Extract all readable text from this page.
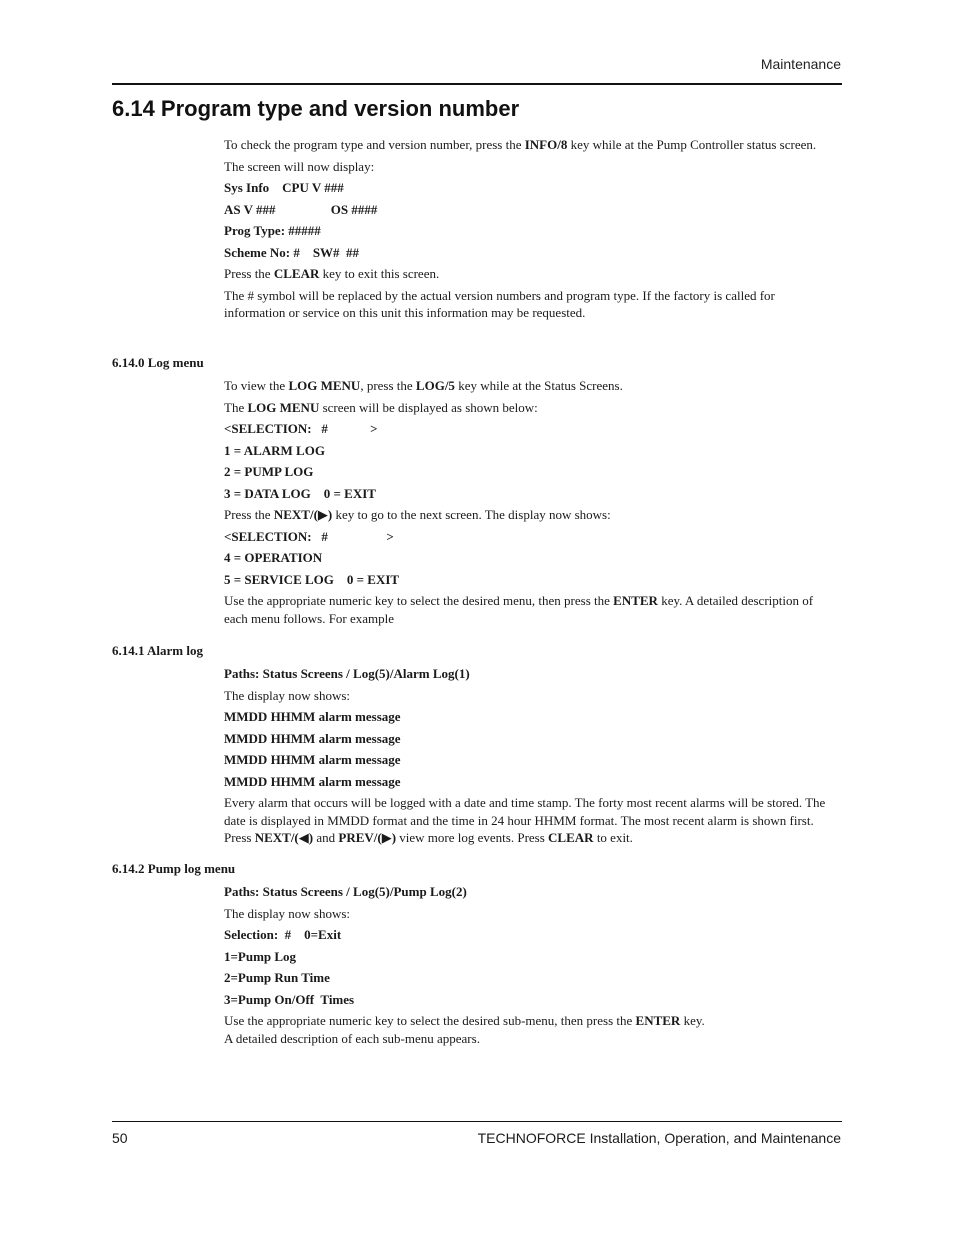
Maintenance
6.14 Program type and version number

To check the program type and version number, press the INFO/8 key while at the Pump Controller status screen.

The screen will now display:

Sys Info    CPU V ###

AS V ###                 OS ####

Prog Type: #####

Scheme No: #    SW#  ##

Press the CLEAR key to exit this screen.

The # symbol will be replaced by the actual version numbers and program type. If the factory is called for information or service on this unit this information may be requested.

6.14.0 Log menu

To view the LOG MENU, press the LOG/5 key while at the Status Screens.

The LOG MENU screen will be displayed as shown below:

<SELECTION:   #             >

1 = ALARM LOG

2 = PUMP LOG

3 = DATA LOG    0 = EXIT

Press the NEXT/(▶) key to go to the next screen. The display now shows:

<SELECTION:   #                  >

4 = OPERATION

5 = SERVICE LOG    0 = EXIT

Use the appropriate numeric key to select the desired menu, then press the ENTER key. A detailed description of each menu follows. For example

6.14.1 Alarm log

Paths: Status Screens / Log(5)/Alarm Log(1)

The display now shows:

MMDD HHMM alarm message

MMDD HHMM alarm message

MMDD HHMM alarm message

MMDD HHMM alarm message

Every alarm that occurs will be logged with a date and time stamp. The forty most recent alarms will be stored. The date is displayed in MMDD format and the time in 24 hour HHMM format. The most recent alarm is shown first. Press NEXT/(◀) and PREV/(▶) view more log events. Press CLEAR to exit.

6.14.2 Pump log menu

Paths: Status Screens / Log(5)/Pump Log(2)

The display now shows:

Selection:  #    0=Exit

1=Pump Log

2=Pump Run Time

3=Pump On/Off  Times

Use the appropriate numeric key to select the desired sub-menu, then press the ENTER key.

A detailed description of each sub-menu appears.

50	TECHNOFORCE Installation, Operation, and Maintenance
